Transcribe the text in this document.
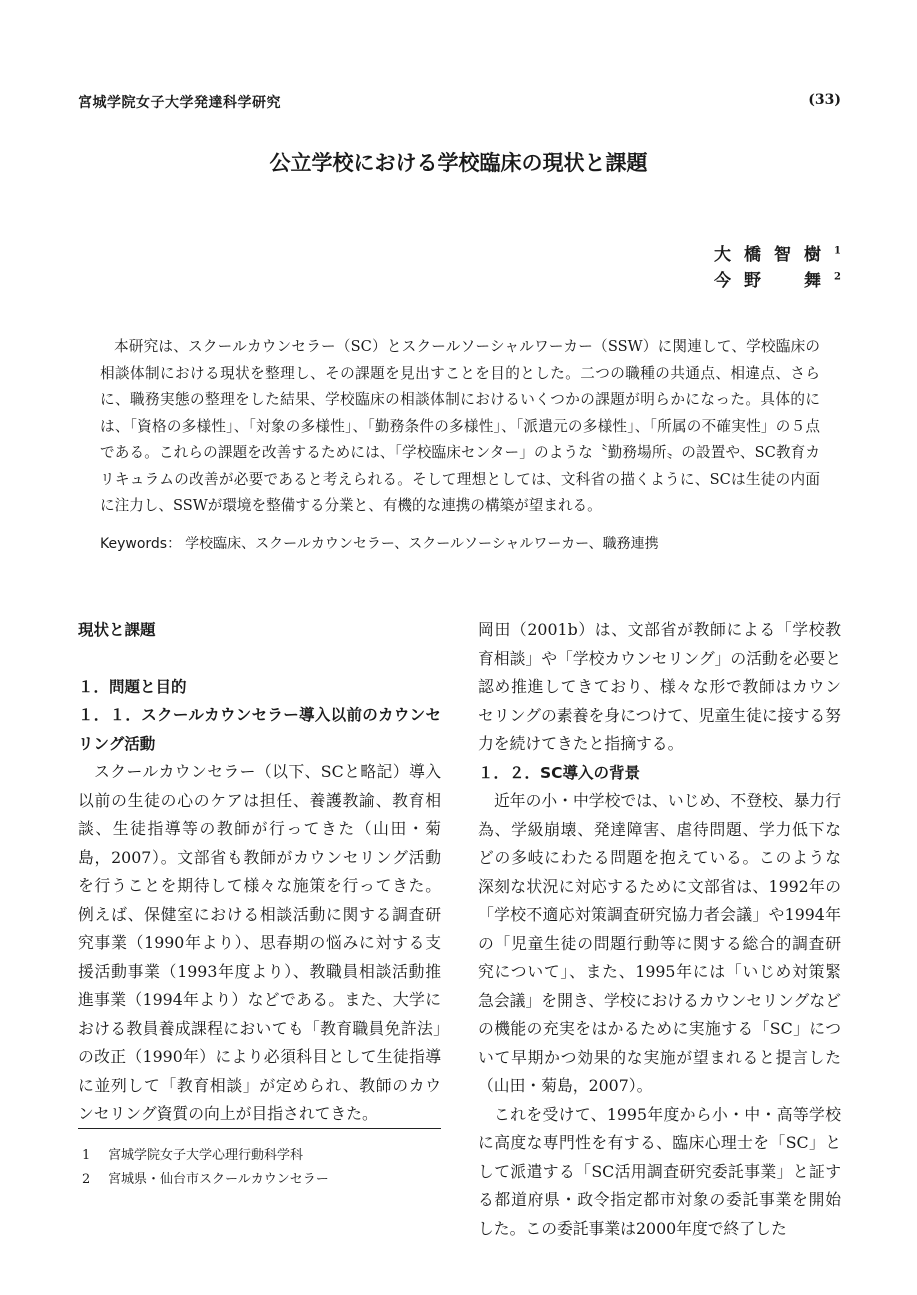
宮城学院女子大学発達科学研究	(33)
公立学校における学校臨床の現状と課題
大橋智樹$^1$
今野　舞$^2$
本研究は、スクールカウンセラー（SC）とスクールソーシャルワーカー（SSW）に関連して、学校臨床の相談体制における現状を整理し、その課題を見出すことを目的とした。二つの職種の共通点、相違点、さらに、職務実態の整理をした結果、学校臨床の相談体制におけるいくつかの課題が明らかになった。具体的には、「資格の多様性」、「対象の多様性」、「勤務条件の多様性」、「派遣元の多様性」、「所属の不確実性」の５点である。これらの課題を改善するためには、「学校臨床センター」のような〝勤務場所〟の設置や、SC教育カリキュラムの改善が必要であると考えられる。そして理想としては、文科省の描くように、SCは生徒の内面に注力し、SSWが環境を整備する分業と、有機的な連携の構築が望まれる。
Keywords： 学校臨床、スクールカウンセラー、スクールソーシャルワーカー、職務連携
現状と課題
１．問題と目的
１．１．スクールカウンセラー導入以前のカウンセリング活動
スクールカウンセラー（以下、SCと略記）導入以前の生徒の心のケアは担任、養護教諭、教育相談、生徒指導等の教師が行ってきた（山田・菊島，2007）。文部省も教師がカウンセリング活動を行うことを期待して様々な施策を行ってきた。例えば、保健室における相談活動に関する調査研究事業（1990年より）、思春期の悩みに対する支援活動事業（1993年度より）、教職員相談活動推進事業（1994年より）などである。また、大学における教員養成課程においても「教育職員免許法」の改正（1990年）により必須科目として生徒指導に並列して「教育相談」が定められ、教師のカウンセリング資質の向上が目指されてきた。
岡田（2001b）は、文部省が教師による「学校教育相談」や「学校カウンセリング」の活動を必要と認め推進してきており、様々な形で教師はカウンセリングの素養を身につけて、児童生徒に接する努力を続けてきたと指摘する。
１．２．SC導入の背景
近年の小・中学校では、いじめ、不登校、暴力行為、学級崩壊、発達障害、虐待問題、学力低下などの多岐にわたる問題を抱えている。このような深刻な状況に対応するために文部省は、1992年の「学校不適応対策調査研究協力者会議」や1994年の「児童生徒の問題行動等に関する総合的調査研究について」、また、1995年には「いじめ対策緊急会議」を開き、学校におけるカウンセリングなどの機能の充実をはかるために実施する「SC」について早期かつ効果的な実施が望まれると提言した（山田・菊島，2007）。
これを受けて、1995年度から小・中・高等学校に高度な専門性を有する、臨床心理士を「SC」として派遣する「SC活用調査研究委託事業」と証する都道府県・政令指定都市対象の委託事業を開始した。この委託事業は2000年度で終了した
1 宮城学院女子大学心理行動科学科
2 宮城県・仙台市スクールカウンセラー
